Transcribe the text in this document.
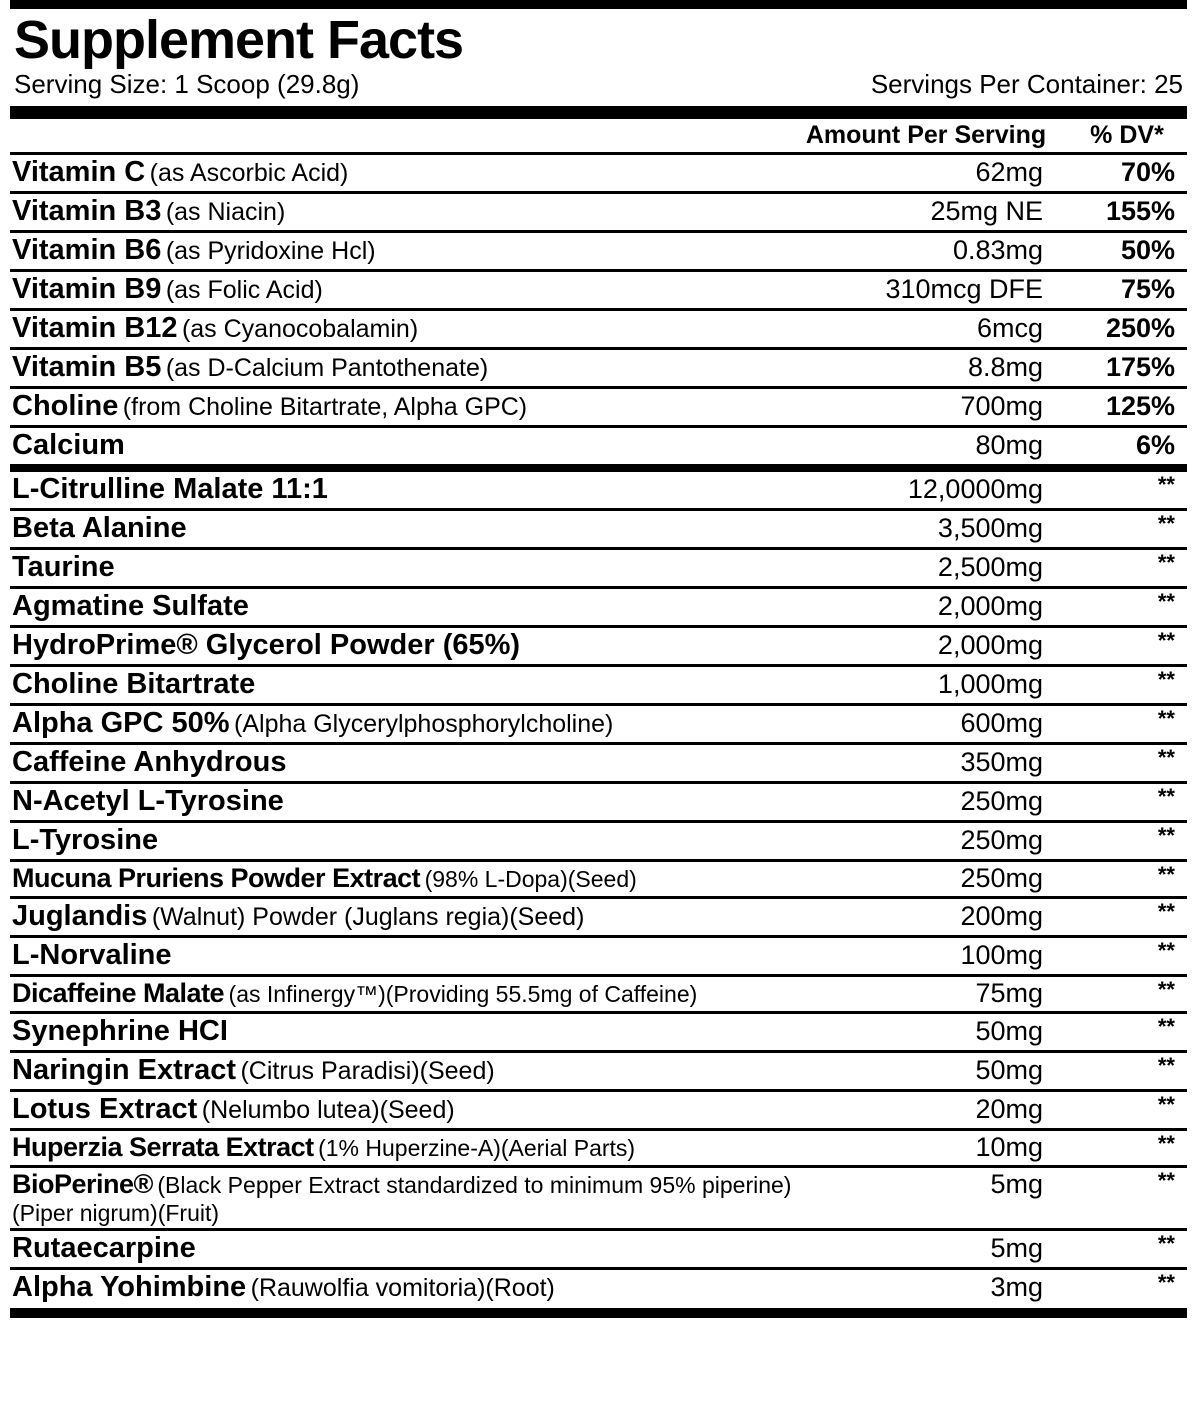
Supplement Facts
Serving Size: 1 Scoop (29.8g)	Servings Per Container: 25
Amount Per Serving	% DV*
Vitamin C (as Ascorbic Acid)	62mg	70%
Vitamin B3 (as Niacin)	25mg NE	155%
Vitamin B6 (as Pyridoxine Hcl)	0.83mg	50%
Vitamin B9 (as Folic Acid)	310mcg DFE	75%
Vitamin B12 (as Cyanocobalamin)	6mcg	250%
Vitamin B5 (as D-Calcium Pantothenate)	8.8mg	175%
Choline (from Choline Bitartrate, Alpha GPC)	700mg	125%
Calcium	80mg	6%
L-Citrulline Malate 11:1	12,0000mg	**
Beta Alanine	3,500mg	**
Taurine	2,500mg	**
Agmatine Sulfate	2,000mg	**
HydroPrime® Glycerol Powder (65%)	2,000mg	**
Choline Bitartrate	1,000mg	**
Alpha GPC 50% (Alpha Glycerylphosphorylcholine)	600mg	**
Caffeine Anhydrous	350mg	**
N-Acetyl L-Tyrosine	250mg	**
L-Tyrosine	250mg	**
Mucuna Pruriens Powder Extract (98% L-Dopa)(Seed)	250mg	**
Juglandis (Walnut) Powder (Juglans regia)(Seed)	200mg	**
L-Norvaline	100mg	**
Dicaffeine Malate (as Infinergy™)(Providing 55.5mg of Caffeine)	75mg	**
Synephrine HCI	50mg	**
Naringin Extract (Citrus Paradisi)(Seed)	50mg	**
Lotus Extract (Nelumbo lutea)(Seed)	20mg	**
Huperzia Serrata Extract (1% Huperzine-A)(Aerial Parts)	10mg	**
BioPerine® (Black Pepper Extract standardized to minimum 95% piperine)(Piper nigrum)(Fruit)	5mg	**
Rutaecarpine	5mg	**
Alpha Yohimbine (Rauwolfia vomitoria)(Root)	3mg	**
